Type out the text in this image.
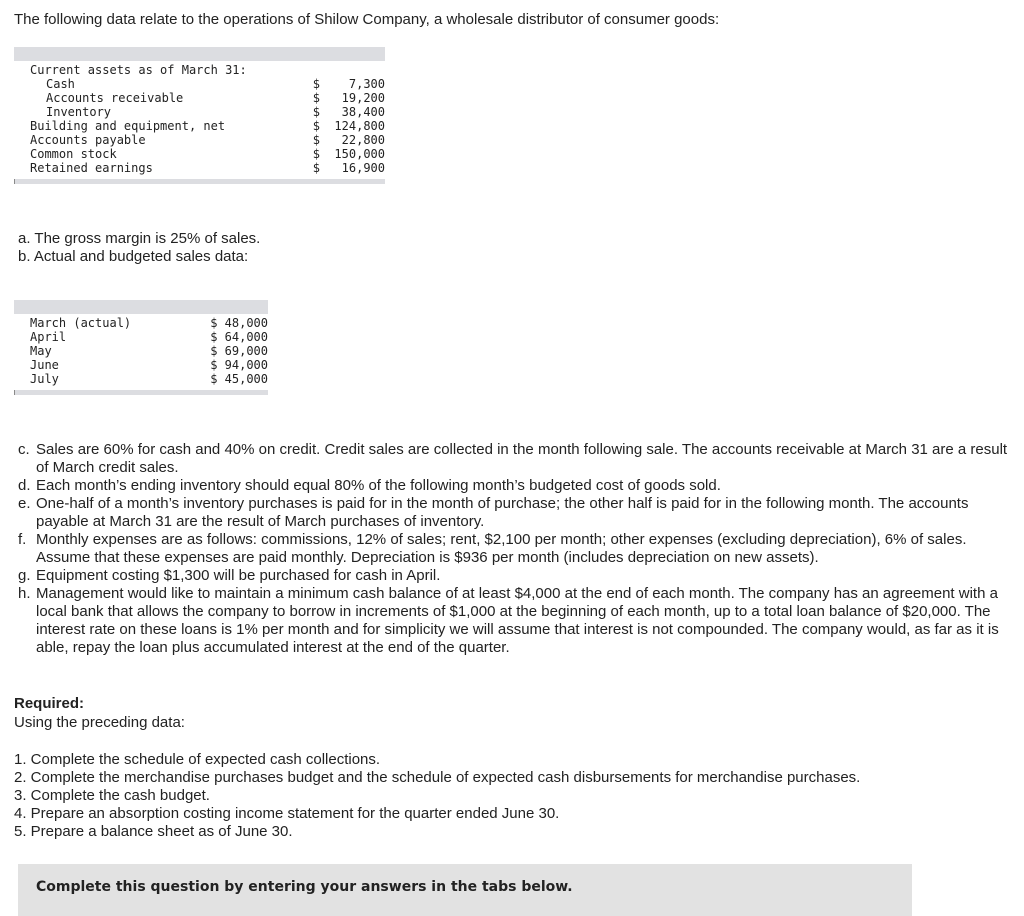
The following data relate to the operations of Shilow Company, a wholesale distributor of consumer goods:
Current assets as of March 31:	
Cash	$    7,300
Accounts receivable	$   19,200
Inventory	$   38,400
Building and equipment, net	$  124,800
Accounts payable	$   22,800
Common stock	$  150,000
Retained earnings	$   16,900
a. The gross margin is 25% of sales.
b. Actual and budgeted sales data:
March (actual)	$ 48,000
April	$ 64,000
May	$ 69,000
June	$ 94,000
July	$ 45,000
c. Sales are 60% for cash and 40% on credit. Credit sales are collected in the month following sale. The accounts receivable at March 31 are a result of March credit sales.
d. Each month’s ending inventory should equal 80% of the following month’s budgeted cost of goods sold.
e. One-half of a month’s inventory purchases is paid for in the month of purchase; the other half is paid for in the following month. The accounts payable at March 31 are the result of March purchases of inventory.
f. Monthly expenses are as follows: commissions, 12% of sales; rent, $2,100 per month; other expenses (excluding depreciation), 6% of sales. Assume that these expenses are paid monthly. Depreciation is $936 per month (includes depreciation on new assets).
g. Equipment costing $1,300 will be purchased for cash in April.
h. Management would like to maintain a minimum cash balance of at least $4,000 at the end of each month. The company has an agreement with a local bank that allows the company to borrow in increments of $1,000 at the beginning of each month, up to a total loan balance of $20,000. The interest rate on these loans is 1% per month and for simplicity we will assume that interest is not compounded. The company would, as far as it is able, repay the loan plus accumulated interest at the end of the quarter.
Required:
Using the preceding data:
1. Complete the schedule of expected cash collections.
2. Complete the merchandise purchases budget and the schedule of expected cash disbursements for merchandise purchases.
3. Complete the cash budget.
4. Prepare an absorption costing income statement for the quarter ended June 30.
5. Prepare a balance sheet as of June 30.
Complete this question by entering your answers in the tabs below.
